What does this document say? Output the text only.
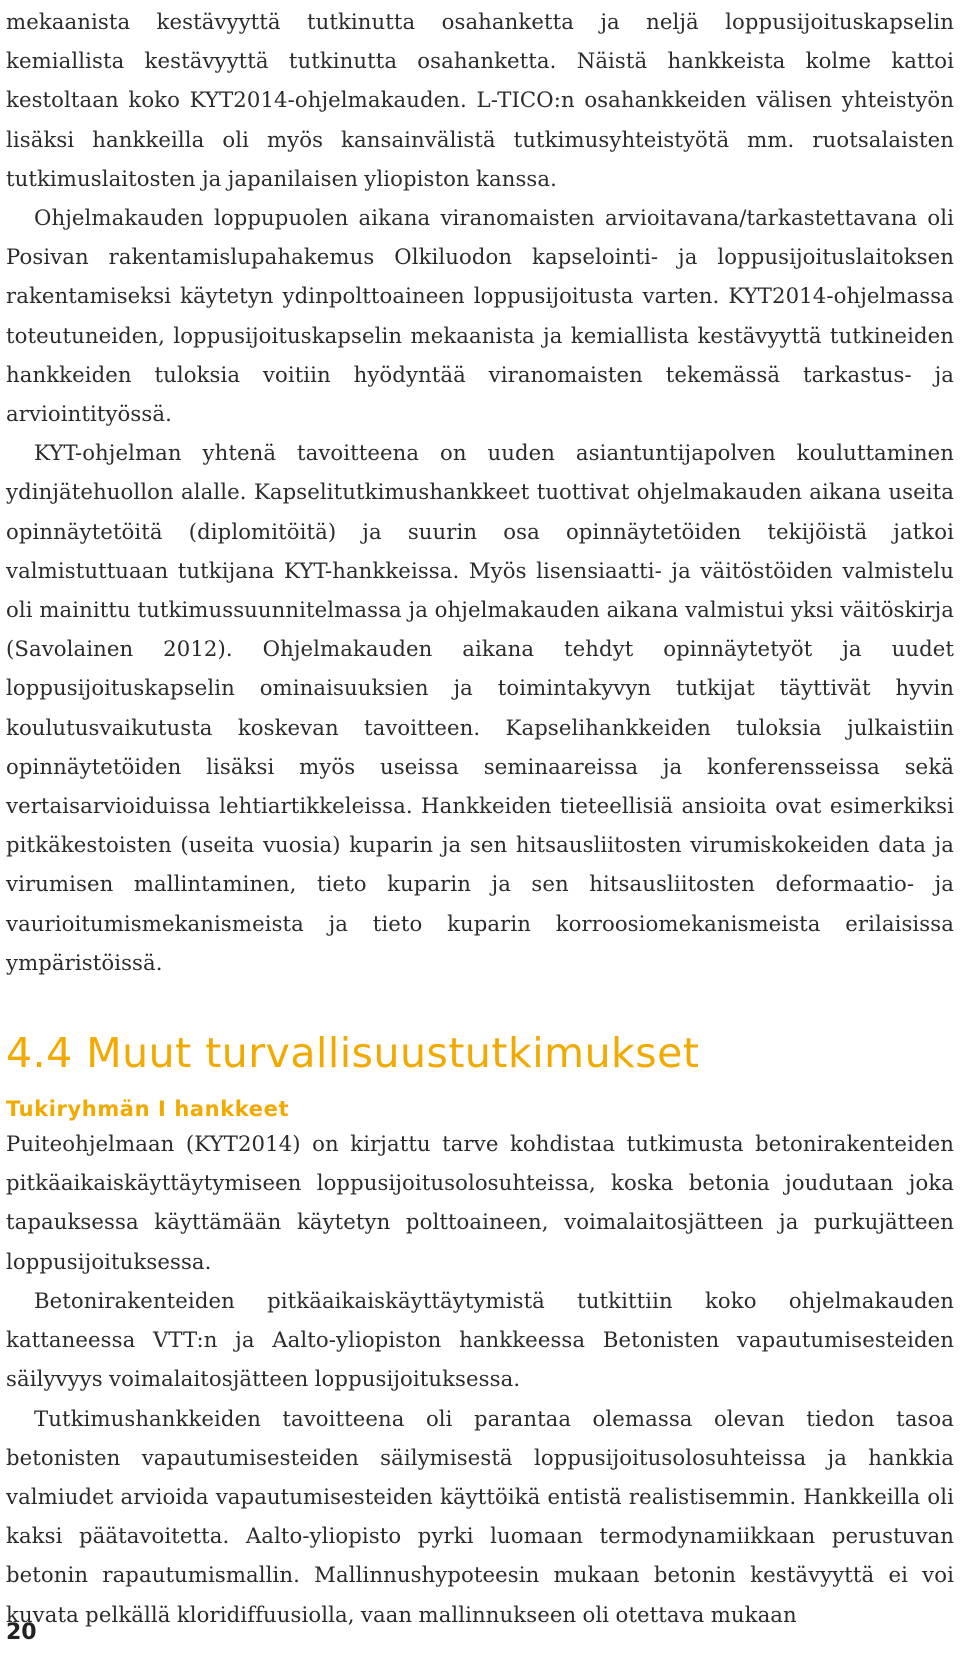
mekaanista kestävyyttä tutkinutta osahanketta ja neljä loppusijoituskapselin kemiallista kestävyyttä tutkinutta osahanketta. Näistä hankkeista kolme kattoi kestoltaan koko KYT2014-ohjelmakauden. L-TICO:n osahankkeiden välisen yhteistyön lisäksi hankkeilla oli myös kansainvälistä tutkimusyhteistyötä mm. ruotsalaisten tutkimuslaitosten ja japanilaisen yliopiston kanssa.

Ohjelmakauden loppupuolen aikana viranomaisten arvioitavana/tarkastettavana oli Posivan rakentamislupahakemus Olkiluodon kapselointi- ja loppusijoituslaitoksen rakentamiseksi käytetyn ydinpolttoaineen loppusijoitusta varten. KYT2014-ohjelmassa toteutuneiden, loppusijoituskapselin mekaanista ja kemiallista kestävyyttä tutkineiden hankkeiden tuloksia voitiin hyödyntää viranomaisten tekemässä tarkastus- ja arviointityössä.

KYT-ohjelman yhtenä tavoitteena on uuden asiantuntijapolven kouluttaminen ydinjätehuollon alalle. Kapselitutkimushankkeet tuottivat ohjelmakauden aikana useita opinnäytetöitä (diplomitöitä) ja suurin osa opinnäytetöiden tekijöistä jatkoi valmistuttuaan tutkijana KYT-hankkeissa. Myös lisensiaatti- ja väitöstöiden valmistelu oli mainittu tutkimussuunnitelmassa ja ohjelmakauden aikana valmistui yksi väitöskirja (Savolainen 2012). Ohjelmakauden aikana tehdyt opinnäytetyöt ja uudet loppusijoituskapselin ominaisuuksien ja toimintakyvyn tutkijat täyttivät hyvin koulutusvaikutusta koskevan tavoitteen. Kapselihankkeiden tuloksia julkaistiin opinnäytetöiden lisäksi myös useissa seminaareissa ja konferensseissa sekä vertaisarvioiduissa lehtiartikkeleissa. Hankkeiden tieteellisiä ansioita ovat esimerkiksi pitkäkestoisten (useita vuosia) kuparin ja sen hitsausliitosten virumiskokeiden data ja virumisen mallintaminen, tieto kuparin ja sen hitsausliitosten deformaatio- ja vaurioitumismekanismeista ja tieto kuparin korroosiomekanismeista erilaisissa ympäristöissä.

4.4 Muut turvallisuustutkimukset
Tukiryhmän I hankkeet

Puiteohjelmaan (KYT2014) on kirjattu tarve kohdistaa tutkimusta betonirakenteiden pitkäaikaiskäyttäytymiseen loppusijoitusolosuhteissa, koska betonia joudutaan joka tapauksessa käyttämään käytetyn polttoaineen, voimalaitosjätteen ja purkujätteen loppusijoituksessa.

Betonirakenteiden pitkäaikaiskäyttäytymistä tutkittiin koko ohjelmakauden kattaneessa VTT:n ja Aalto-yliopiston hankkeessa Betonisten vapautumisesteiden säilyvyys voimalaitosjätteen loppusijoituksessa.

Tutkimushankkeiden tavoitteena oli parantaa olemassa olevan tiedon tasoa betonisten vapautumisesteiden säilymisestä loppusijoitusolosuhteissa ja hankkia valmiudet arvioida vapautumisesteiden käyttöikä entistä realistisemmin. Hankkeilla oli kaksi päätavoitetta. Aalto-yliopisto pyrki luomaan termodynamiikkaan perustuvan betonin rapautumismallin. Mallinnushypoteesin mukaan betonin kestävyyttä ei voi kuvata pelkällä kloridiffuusiolla, vaan mallinnukseen oli otettava mukaan

20
